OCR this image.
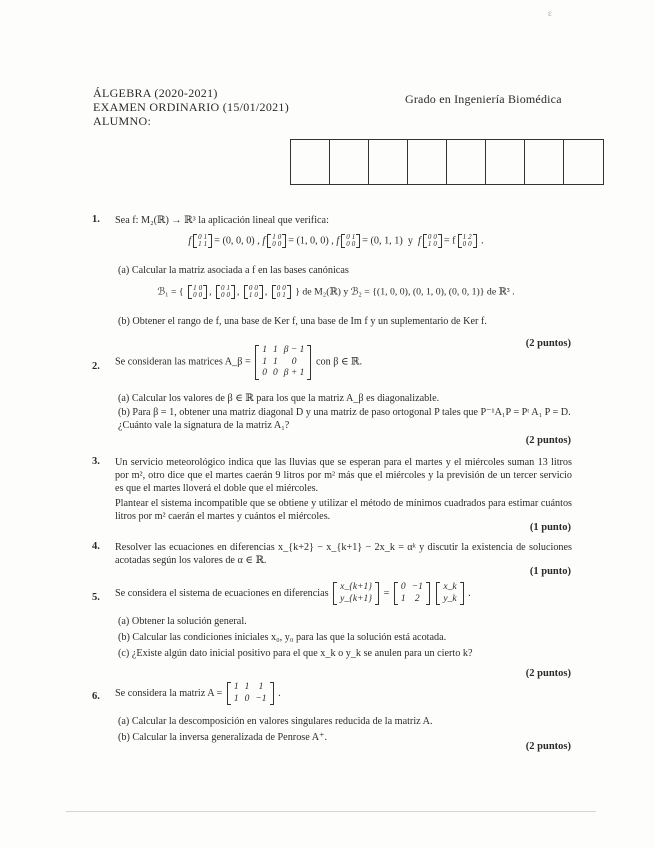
ε
ÁLGEBRA (2020-2021)
EXAMEN ORDINARIO (15/01/2021)
ALUMNO:
Grado en Ingeniería Biomédica
1. Sea f: M₂(ℝ) → ℝ³ la aplicación lineal que verifica:
f 0	1
1	1 = (0, 0, 0) , f 1	0
0	0 = (1, 0, 0) , f 0	1
0	0 = (0, 1, 1) y f 0	0
1	0 = f 1	2
0	0 .
(a) Calcular la matriz asociada a f en las bases canónicas
ℬ₁ = { 1	0
0	0 , 0	1
0	0 , 0	0
1	0 , 0	0
0	1 } de M₂(ℝ) y ℬ₂ = {(1, 0, 0), (0, 1, 0), (0, 0, 1)} de ℝ³ .
(b) Obtener el rango de f, una base de Ker f, una base de Im f y un suplementario de Ker f.
(2 puntos)
2. Se consideran las matrices A_β =
1	1	β − 1
1	1	0
0	0	β + 1
con β ∈ ℝ.
(a) Calcular los valores de β ∈ ℝ para los que la matriz A_β es diagonalizable.
(b) Para β = 1, obtener una matriz diagonal D y una matriz de paso ortogonal P tales que P⁻¹A₁P = Pᵗ A₁ P = D. ¿Cuánto vale la signatura de la matriz A₁?
(2 puntos)
3. Un servicio meteorológico indica que las lluvias que se esperan para el martes y el miércoles suman 13 litros por m², otro dice que el martes caerán 9 litros por m² más que el miércoles y la previsión de un tercer servicio es que el martes lloverá el doble que el miércoles.
Plantear el sistema incompatible que se obtiene y utilizar el método de mínimos cuadrados para estimar cuántos litros por m² caerán el martes y cuántos el miércoles.
(1 punto)
4. Resolver las ecuaciones en diferencias x_{k+2} − x_{k+1} − 2x_k = αᵏ y discutir la existencia de soluciones acotadas según los valores de α ∈ ℝ.
(1 punto)
5. Se considera el sistema de ecuaciones en diferencias
x_{k+1}
y_{k+1} =
0	−1
1	2

x_k
y_k .
(a) Obtener la solución general.
(b) Calcular las condiciones iniciales x₀, y₀ para las que la solución está acotada.
(c) ¿Existe algún dato inicial positivo para el que x_k o y_k se anulen para un cierto k?
(2 puntos)
6. Se considera la matriz A =
1	1	1
1	0	−1 .
(a) Calcular la descomposición en valores singulares reducida de la matriz A.
(b) Calcular la inversa generalizada de Penrose A⁺.
(2 puntos)
